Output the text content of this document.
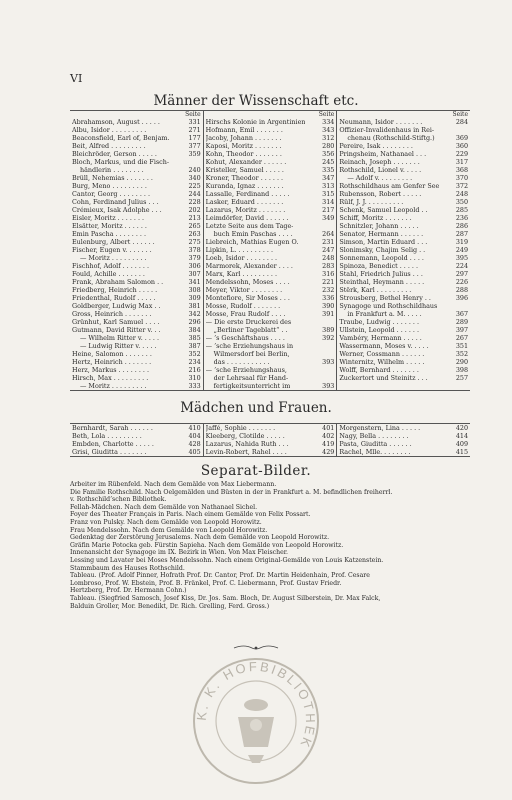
VI
Männer der Wissenschaft etc.
Seite
Abrahamson, August . . . . .	331
Albu, Isidor . . . . . . . . .	271
Beaconsfield, Earl of, Benjam.	177
Beit, Alfred . . . . . . . . .	377
Bleichröder, Gerson . . . . .	359
Bloch, Markus, und die Fisch-
händlerin . . . . . . . .	240
Brüll, Nehemias . . . . . . .	340
Burg, Meno . . . . . . . . .	225
Cantor, Georg . . . . . . . .	244
Cohn, Ferdinand Julius . . .	228
Crémieux, Isak Adolphe . . .	202
Eisler, Moritz . . . . . . .	213
Elsätter, Moritz . . . . . .	265
Emin Pascha . . . . . . . .	263
Eulenburg, Albert . . . . . .	275
Fischer, Eugen v. . . . . . .	378
— Moritz . . . . . . . . .	379
Fischhof, Adolf . . . . . . .	306
Fould, Achille . . . . . . .	307
Frank, Abraham Salomon . .	341
Friedberg, Heinrich . . . . .	308
Friedenthal, Rudolf . . . . .	309
Goldberger, Ludwig Max . .	381
Gross, Heinrich . . . . . . .	342
Grünhut, Karl Samuel . . . .	296
Gutmann, David Ritter v. . .	384
— Wilhelm Ritter v. . . . .	385
— Ludwig Ritter v. . . . .	387
Heine, Salomon . . . . . . .	352
Hertz, Heinrich . . . . . . .	234
Herz, Markus . . . . . . . .	216
Hirsch, Max . . . . . . . . .	310
— Moritz . . . . . . . . .	333
Seite
Hirschs Kolonie in Argentinien	334
Hofmann, Emil . . . . . . .	343
Jacoby, Johann . . . . . . .	312
Kaposi, Moritz . . . . . . .	280
Kohn, Theodor . . . . . . .	356
Kohut, Alexander . . . . . .	245
Kristeller, Samuel . . . . .	335
Kroner, Theodor . . . . . .	347
Kuranda, Ignaz . . . . . . .	313
Lassalle, Ferdinand . . . . .	315
Lasker, Eduard . . . . . . .	314
Lazarus, Moritz . . . . . . .	217
Leimdörfer, David . . . . . .	349
Letzte Seite aus dem Tage-
buch Emin Paschas . . . .	264
Liebreich, Mathias Eugen O.	231
Lipkin, L. . . . . . . . . .	247
Loeb, Isidor . . . . . . . .	248
Marmorek, Alexander . . . .	283
Marx, Karl . . . . . . . . .	316
Mendelssohn, Moses . . . .	221
Meyer, Viktor . . . . . . . .	232
Montefiore, Sir Moses . . .	336
Mosse, Rudolf . . . . . . .	390
Mosse, Frau Rudolf . . . .	391
— Die erste Druckerei des
„Berliner Tageblatt“ . .	389
— ’s Geschäftshaus . . . .	392
— ’sche Erziehungshaus in
Wilmersdorf bei Berlin,
das . . . . . . . . . . .	393
— ’sche Erziehungshaus,
der Lehrsaal für Hand-
fertigkeitsunterricht im	393
Seite
Neumann, Isidor . . . . . . .	284
Offizier-Invalidenhaus in Rei-
chenau (Rothschild-Stiftg.)	369
Pereire, Isak . . . . . . . .	360
Pringsheim, Nathanael . . .	229
Reinach, Joseph . . . . . . .	317
Rothschild, Lionel v. . . . .	368
— Adolf v. . . . . . . . .	370
Rothschildhaus am Genfer See	372
Rubensson, Robert . . . . .	248
Rülf, J. J. . . . . . . . . .	350
Schenk, Samuel Leopold . .	285
Schiff, Moritz . . . . . . .	236
Schnitzler, Johann . . . . .	286
Senator, Hermann . . . . . .	287
Simson, Martin Eduard . . .	319
Slonimsky, Chajim Selig . .	249
Sonnemann, Leopold . . . .	395
Spinoza, Benedict . . . . .	224
Stahl, Friedrich Julius . . .	297
Steinthal, Heymann . . . . .	226
Stërk, Karl . . . . . . . . .	288
Strousberg, Bethel Henry . .	396
Synagoge und Rothschildhaus
in Frankfurt a. M. . . . .	367
Traube, Ludwig . . . . . . .	289
Ullstein, Leopold . . . . . .	397
Vambéry, Hermann . . . . .	267
Wassermann, Moses v. . . . .	351
Werner, Cossmann . . . . . .	352
Winternitz, Wilhelm . . . . .	290
Wolff, Bernhard . . . . . . .	398
Zuckertort und Steinitz . . .	257
Mädchen und Frauen.
Bernhardt, Sarah . . . . . .	410
Beth, Lola . . . . . . . . .	404
Embden, Charlotte . . . . .	428
Grisi, Giuditta . . . . . . .	405
Jaffé, Sophie . . . . . . .	401
Kleeberg, Clotilde . . . . .	402
Lazarus, Nahida Ruth . . .	419
Levin-Robert, Rahel . . . .	429
Morgenstern, Lina . . . . .	420
Nagy, Bella . . . . . . . .	414
Pasta, Giuditta . . . . . .	409
Rachel, Mlle. . . . . . . .	415
Separat-Bilder.
Arbeiter im Rübenfeld. Nach dem Gemälde von Max Liebermann.
Die Familie Rothschild. Nach Oelgemälden und Büsten in der in Frankfurt a. M. befindlichen freiherrl.
v. Rothschild’schen Bibliothek.
Fellah-Mädchen. Nach dem Gemälde von Nathanael Sichel.
Foyer des Theater Français in Paris. Nach einem Gemälde von Felix Possart.
Franz von Pulsky. Nach dem Gemälde von Leopold Horowitz.
Frau Mendelssohn. Nach dem Gemälde von Leopold Horowitz.
Gedenktag der Zerstörung Jerusalems. Nach dem Gemälde von Leopold Horowitz.
Gräfin Marie Potocka geb. Fürstin Sapieha. Nach dem Gemälde von Leopold Horowitz.
Innenansicht der Synagoge im IX. Bezirk in Wien. Von Max Fleischer.
Lessing und Lavater bei Moses Mendelssohn. Nach einem Original-Gemälde von Louis Katzenstein.
Stammbaum des Hauses Rothschild.
Tableau. (Prof. Adolf Pinner, Hofrath Prof. Dr. Cantor, Prof. Dr. Martin Heidenhain, Prof. Cesare
Lombroso, Prof. W. Ebstein, Prof. B. Fränkel, Prof. C. Liebermann, Prof. Gustav Friedr.
Hertzberg, Prof. Dr. Hermann Cohn.)
Tableau. (Siegfried Samosch, Josef Kiss, Dr. Jos. Sam. Bloch, Dr. August Silberstein, Dr. Max Falck,
Balduin Groller, Mor. Benedikt, Dr. Rich. Grelling, Ferd. Gross.)
K. K. HOFBIBLIOTHEK
